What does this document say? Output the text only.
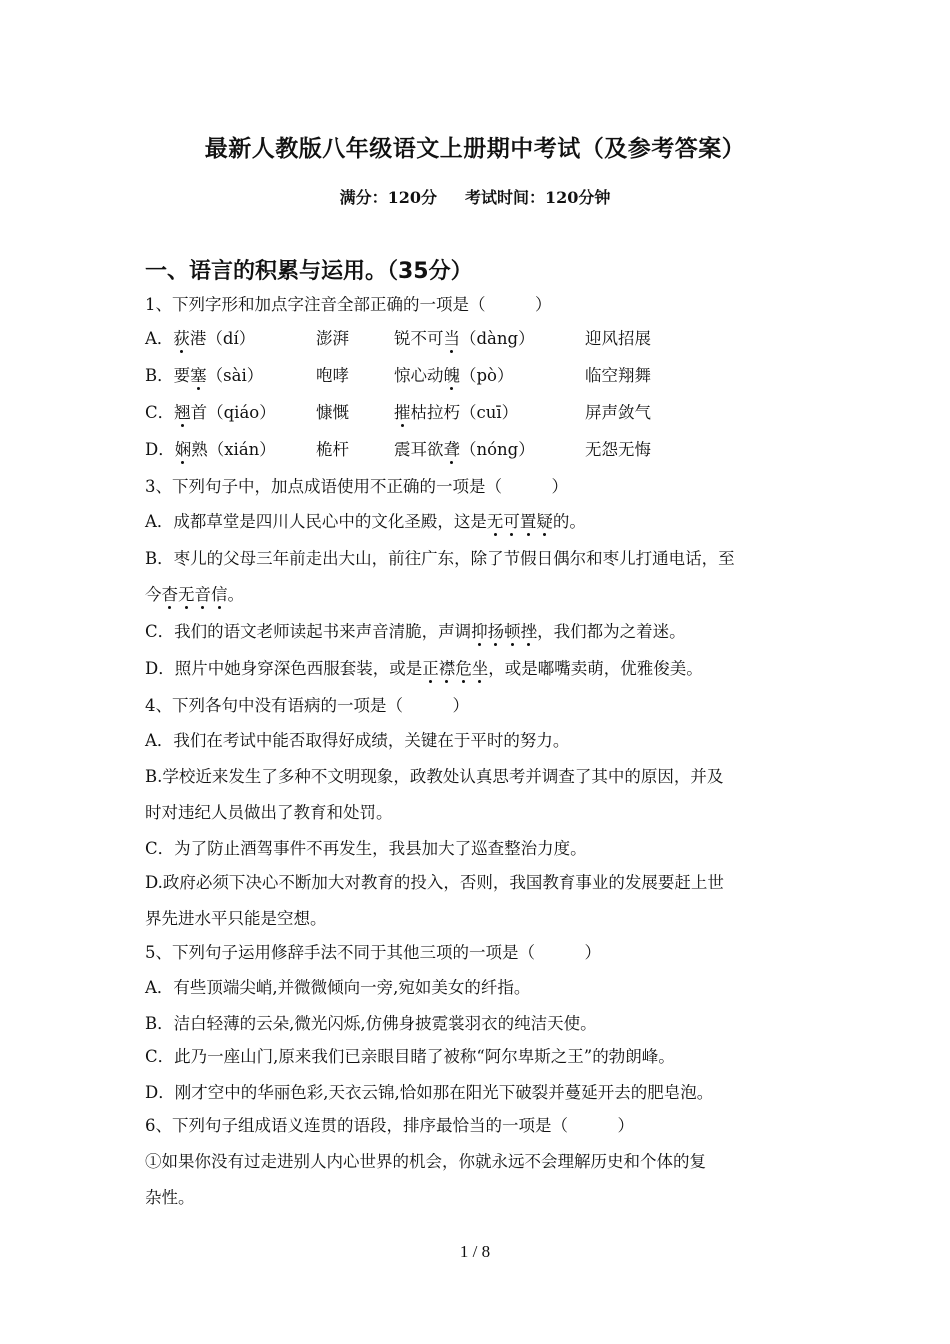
最新人教版八年级语文上册期中考试（及参考答案）
满分：120分 考试时间：120分钟
一、语言的积累与运用。（35分）
1、下列字形和加点字注音全部正确的一项是（　　　）
A．荻港（dí）	澎湃	锐不可当（dàng）	迎风招展
B．要塞（sài）	咆哮	惊心动魄（pò）	临空翔舞
C．翘首（qiáo） 慷慨	摧枯拉朽（cuī）	屏声敛气
D．娴熟（xián） 桅杆	震耳欲聋（nóng）	无怨无悔
3、下列句子中，加点成语使用不正确的一项是（　　　）
A．成都草堂是四川人民心中的文化圣殿，这是无可置疑的。
B．枣儿的父母三年前走出大山，前往广东，除了节假日偶尔和枣儿打通电话，至
今杳无音信。
C．我们的语文老师读起书来声音清脆，声调抑扬顿挫，我们都为之着迷。
D．照片中她身穿深色西服套装，或是正襟危坐，或是嘟嘴卖萌，优雅俊美。
4、下列各句中没有语病的一项是（　　　）
A．我们在考试中能否取得好成绩，关键在于平时的努力。
B.学校近来发生了多种不文明现象，政教处认真思考并调查了其中的原因，并及
时对违纪人员做出了教育和处罚。
C．为了防止酒驾事件不再发生，我县加大了巡查整治力度。
D.政府必须下决心不断加大对教育的投入，否则，我国教育事业的发展要赶上世
界先进水平只能是空想。
5、下列句子运用修辞手法不同于其他三项的一项是（　　　）
A．有些顶端尖峭,并微微倾向一旁,宛如美女的纤指。
B．洁白轻薄的云朵,微光闪烁,仿佛身披霓裳羽衣的纯洁天使。
C．此乃一座山门,原来我们已亲眼目睹了被称“阿尔卑斯之王”的勃朗峰。
D．刚才空中的华丽色彩,天衣云锦,恰如那在阳光下破裂并蔓延开去的肥皂泡。
6、下列句子组成语义连贯的语段，排序最恰当的一项是（　　　）
①如果你没有过走进别人内心世界的机会，你就永远不会理解历史和个体的复
杂性。
1 / 8
